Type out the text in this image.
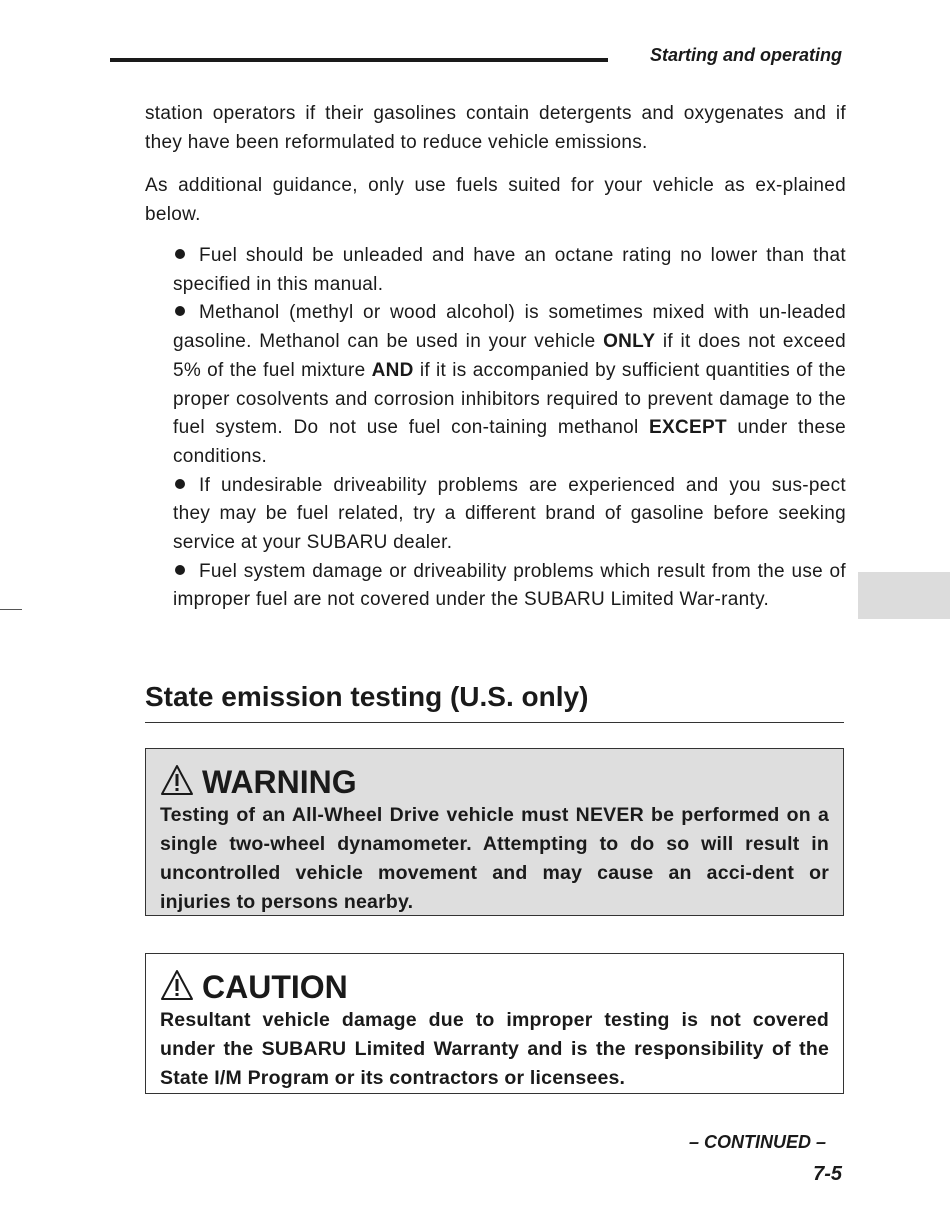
Starting and operating

station operators if their gasolines contain detergents and oxygenates and if they have been reformulated to reduce vehicle emissions.

As additional guidance, only use fuels suited for your vehicle as ex-plained below.

Fuel should be unleaded and have an octane rating no lower than that specified in this manual.
Methanol (methyl or wood alcohol) is sometimes mixed with un-leaded gasoline. Methanol can be used in your vehicle ONLY if it does not exceed 5% of the fuel mixture AND if it is accompanied by sufficient quantities of the proper cosolvents and corrosion inhibitors required to prevent damage to the fuel system. Do not use fuel con-taining methanol EXCEPT under these conditions.
If undesirable driveability problems are experienced and you sus-pect they may be fuel related, try a different brand of gasoline before seeking service at your SUBARU dealer.
Fuel system damage or driveability problems which result from the use of improper fuel are not covered under the SUBARU Limited War-ranty.
State emission testing (U.S. only)
WARNING

Testing of an All-Wheel Drive vehicle must NEVER be performed on a single two-wheel dynamometer. Attempting to do so will result in uncontrolled vehicle movement and may cause an acci-dent or injuries to persons nearby.

CAUTION

Resultant vehicle damage due to improper testing is not covered under the SUBARU Limited Warranty and is the responsibility of the State I/M Program or its contractors or licensees.

– CONTINUED –
7-5
